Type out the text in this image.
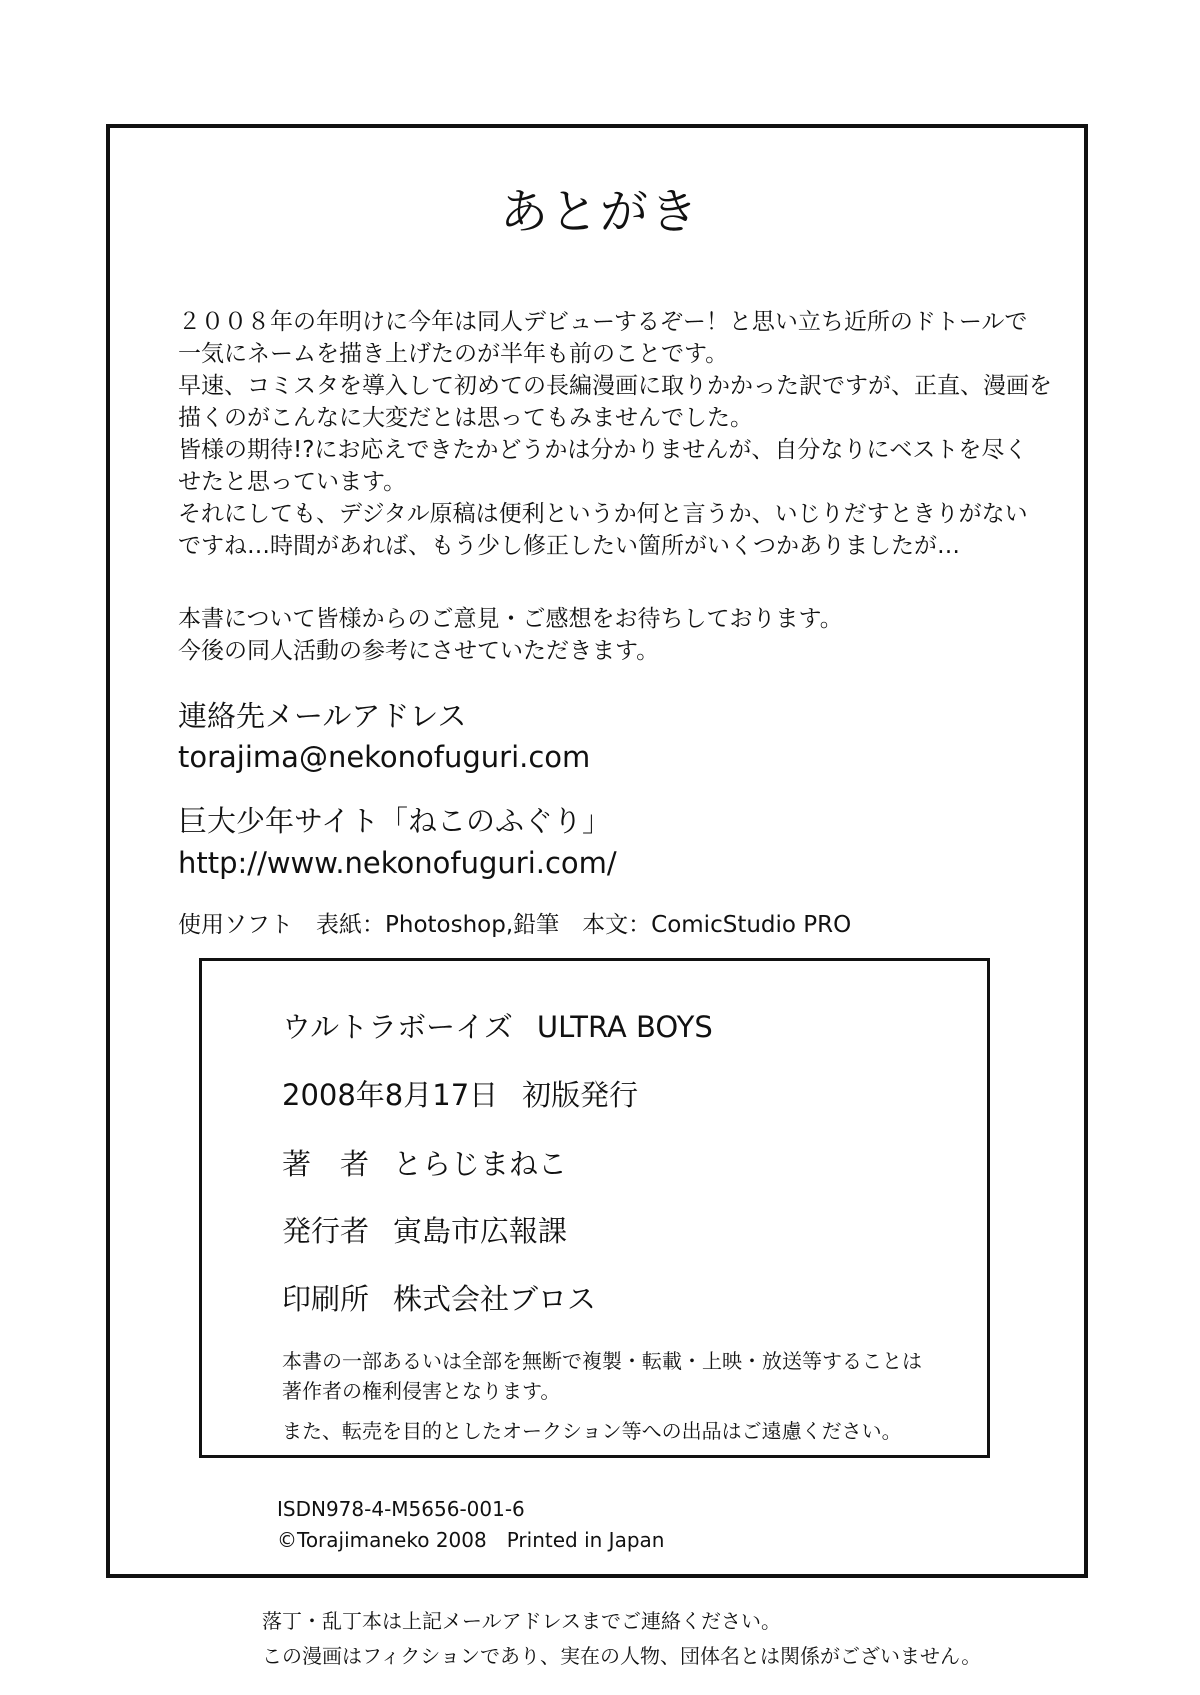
あとがき

２００８年の年明けに今年は同人デビューするぞー！と思い立ち近所のドトールで

一気にネームを描き上げたのが半年も前のことです。

早速、コミスタを導入して初めての長編漫画に取りかかった訳ですが、正直、漫画を

描くのがこんなに大変だとは思ってもみませんでした。

皆様の期待!?にお応えできたかどうかは分かりませんが、自分なりにベストを尽く

せたと思っています。

それにしても、デジタル原稿は便利というか何と言うか、いじりだすときりがない

ですね…時間があれば、もう少し修正したい箇所がいくつかありましたが…

本書について皆様からのご意見・ご感想をお待ちしております。

今後の同人活動の参考にさせていただきます。

連絡先メールアドレス
torajima@nekonofuguri.com
巨大少年サイト「ねこのふぐり」
http://www.nekonofuguri.com/
使用ソフト　表紙：Photoshop,鉛筆　本文：ComicStudio PRO
ウルトラボーイズ ULTRA BOYS
2008年8月17日 初版発行
著　者 とらじまねこ
発行者 寅島市広報課
印刷所 株式会社ブロス

本書の一部あるいは全部を無断で複製・転載・上映・放送等することは

著作者の権利侵害となります。

また、転売を目的としたオークション等への出品はご遠慮ください。
ISDN978-4-M5656-001-6
©Torajimaneko 2008　Printed in Japan

落丁・乱丁本は上記メールアドレスまでご連絡ください。

この漫画はフィクションであり、実在の人物、団体名とは関係がございません。
